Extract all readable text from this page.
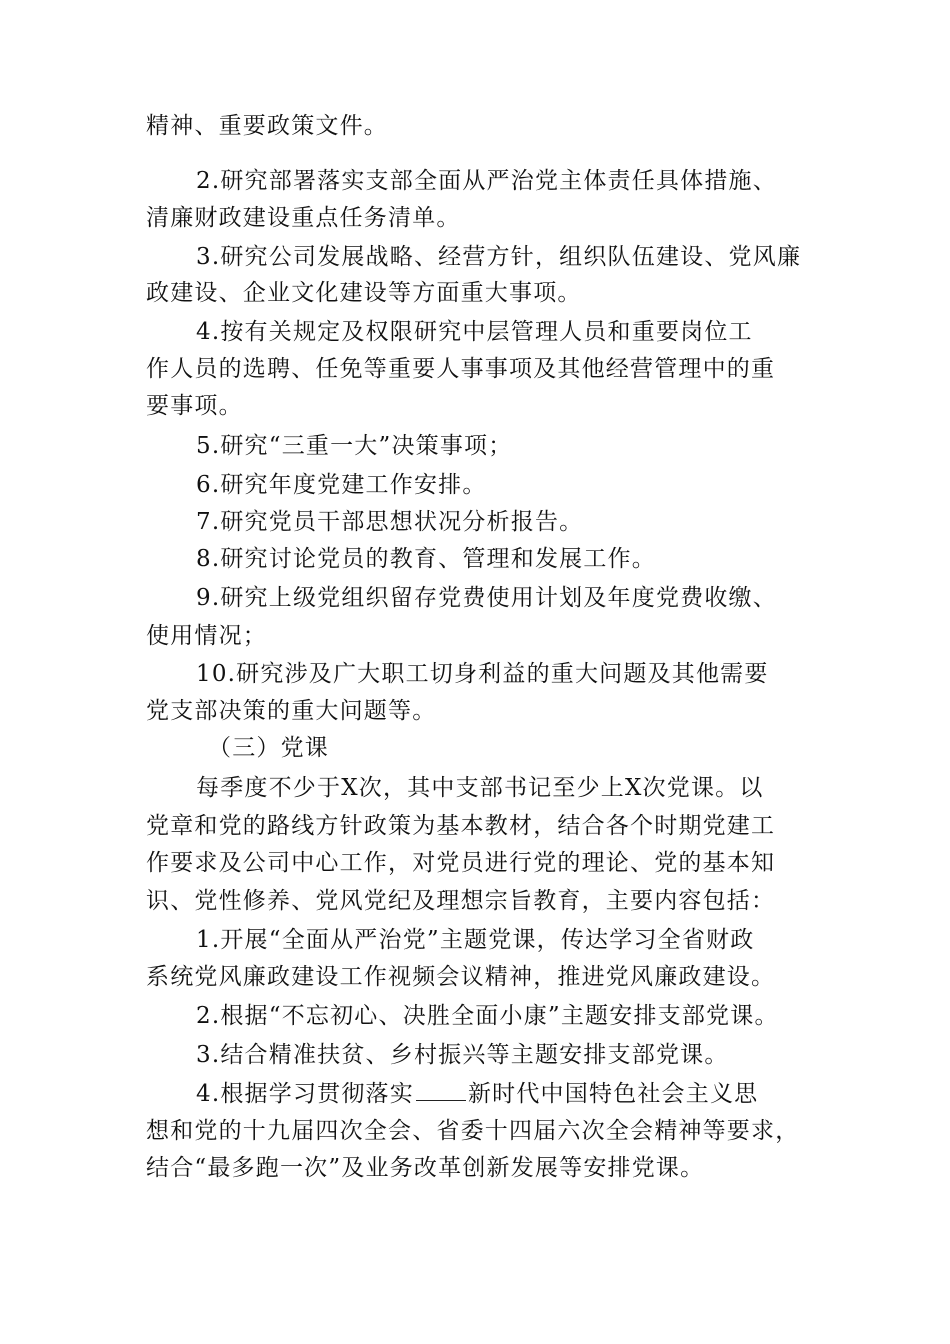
精神、重要政策文件。
2.研究部署落实支部全面从严治党主体责任具体措施、
清廉财政建设重点任务清单。
3.研究公司发展战略、经营方针，组织队伍建设、党风廉
政建设、企业文化建设等方面重大事项。
4.按有关规定及权限研究中层管理人员和重要岗位工
作人员的选聘、任免等重要人事事项及其他经营管理中的重
要事项。
5.研究“三重一大”决策事项；
6.研究年度党建工作安排。
7.研究党员干部思想状况分析报告。
8.研究讨论党员的教育、管理和发展工作。
9.研究上级党组织留存党费使用计划及年度党费收缴、
使用情况；
10.研究涉及广大职工切身利益的重大问题及其他需要
党支部决策的重大问题等。
（三）党课
每季度不少于X次，其中支部书记至少上X次党课。以
党章和党的路线方针政策为基本教材，结合各个时期党建工
作要求及公司中心工作，对党员进行党的理论、党的基本知
识、党性修养、党风党纪及理想宗旨教育，主要内容包括：
1.开展“全面从严治党”主题党课，传达学习全省财政
系统党风廉政建设工作视频会议精神，推进党风廉政建设。
2.根据“不忘初心、决胜全面小康”主题安排支部党课。
3.结合精准扶贫、乡村振兴等主题安排支部党课。
4.根据学习贯彻落实 新时代中国特色社会主义思
想和党的十九届四次全会、省委十四届六次全会精神等要求，
结合“最多跑一次”及业务改革创新发展等安排党课。
